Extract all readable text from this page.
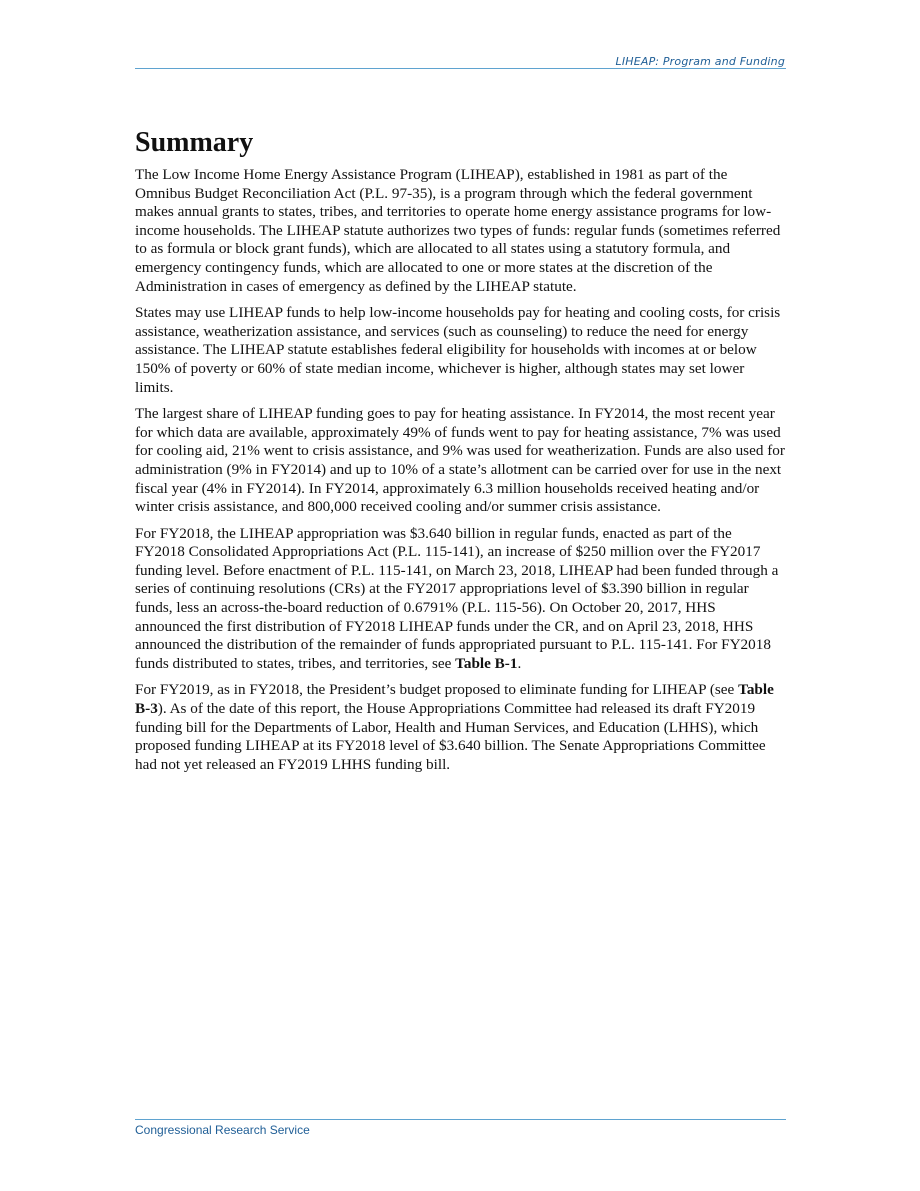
LIHEAP: Program and Funding
Summary

The Low Income Home Energy Assistance Program (LIHEAP), established in 1981 as part of the Omnibus Budget Reconciliation Act (P.L. 97-35), is a program through which the federal government makes annual grants to states, tribes, and territories to operate home energy assistance programs for low-income households. The LIHEAP statute authorizes two types of funds: regular funds (sometimes referred to as formula or block grant funds), which are allocated to all states using a statutory formula, and emergency contingency funds, which are allocated to one or more states at the discretion of the Administration in cases of emergency as defined by the LIHEAP statute.

States may use LIHEAP funds to help low-income households pay for heating and cooling costs, for crisis assistance, weatherization assistance, and services (such as counseling) to reduce the need for energy assistance. The LIHEAP statute establishes federal eligibility for households with incomes at or below 150% of poverty or 60% of state median income, whichever is higher, although states may set lower limits.

The largest share of LIHEAP funding goes to pay for heating assistance. In FY2014, the most recent year for which data are available, approximately 49% of funds went to pay for heating assistance, 7% was used for cooling aid, 21% went to crisis assistance, and 9% was used for weatherization. Funds are also used for administration (9% in FY2014) and up to 10% of a state’s allotment can be carried over for use in the next fiscal year (4% in FY2014). In FY2014, approximately 6.3 million households received heating and/or winter crisis assistance, and 800,000 received cooling and/or summer crisis assistance.

For FY2018, the LIHEAP appropriation was $3.640 billion in regular funds, enacted as part of the FY2018 Consolidated Appropriations Act (P.L. 115-141), an increase of $250 million over the FY2017 funding level. Before enactment of P.L. 115-141, on March 23, 2018, LIHEAP had been funded through a series of continuing resolutions (CRs) at the FY2017 appropriations level of $3.390 billion in regular funds, less an across-the-board reduction of 0.6791% (P.L. 115-56). On October 20, 2017, HHS announced the first distribution of FY2018 LIHEAP funds under the CR, and on April 23, 2018, HHS announced the distribution of the remainder of funds appropriated pursuant to P.L. 115-141. For FY2018 funds distributed to states, tribes, and territories, see Table B-1.

For FY2019, as in FY2018, the President’s budget proposed to eliminate funding for LIHEAP (see Table B-3). As of the date of this report, the House Appropriations Committee had released its draft FY2019 funding bill for the Departments of Labor, Health and Human Services, and Education (LHHS), which proposed funding LIHEAP at its FY2018 level of $3.640 billion. The Senate Appropriations Committee had not yet released an FY2019 LHHS funding bill.

Congressional Research Service
